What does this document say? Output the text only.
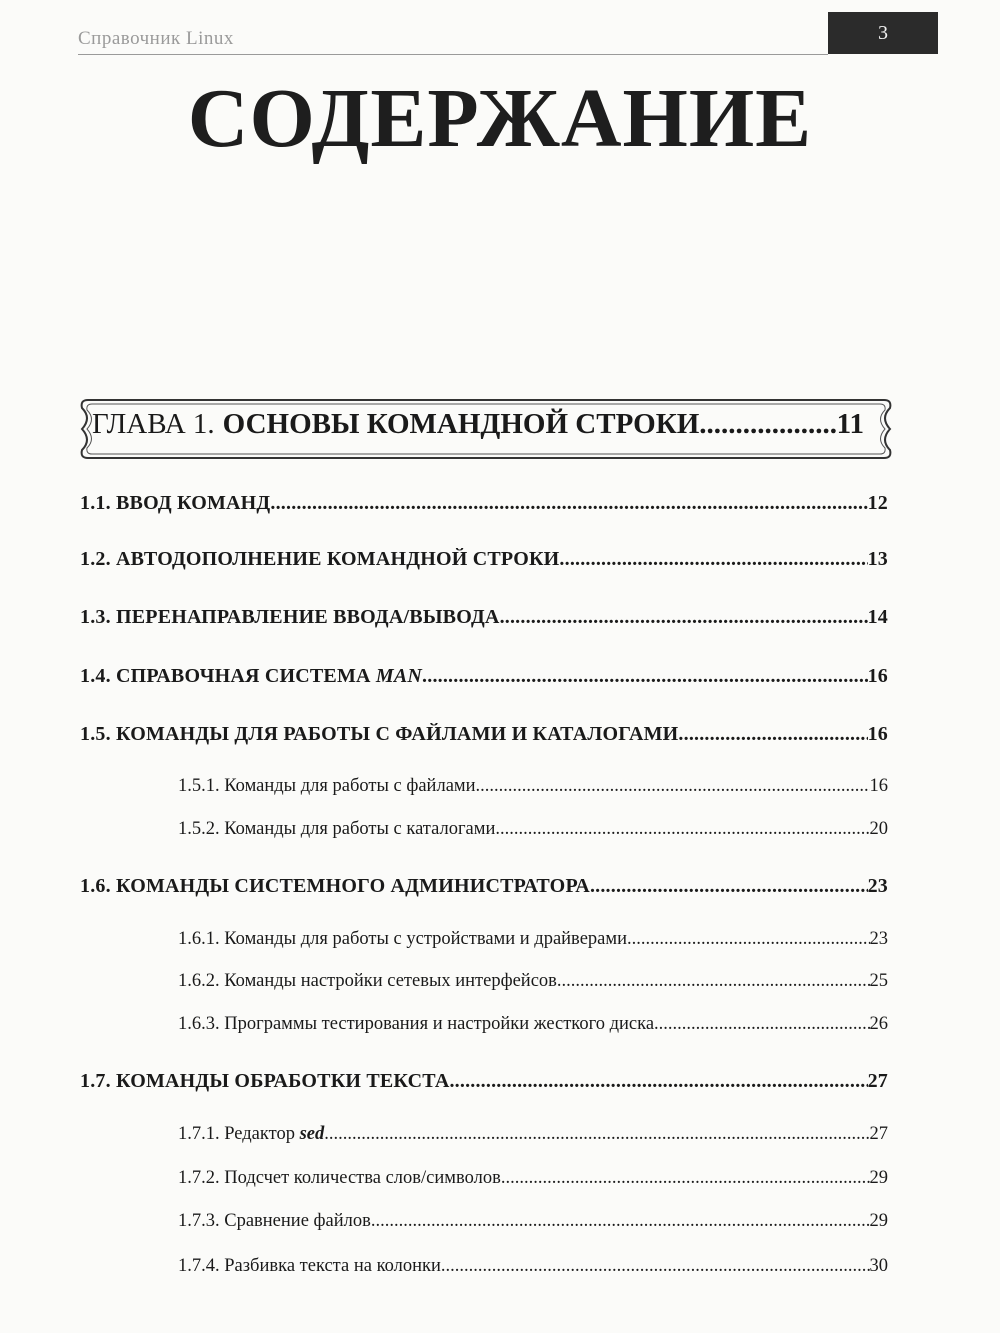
Справочник Linux	3
СОДЕРЖАНИЕ
ГЛАВА 1. ОСНОВЫ КОМАНДНОЙ СТРОКИ .....	11
1.1. ВВОД КОМАНД .....	12
1.2. АВТОДОПОЛНЕНИЕ КОМАНДНОЙ СТРОКИ .....	13
1.3. ПЕРЕНАПРАВЛЕНИЕ ВВОДА/ВЫВОДА .....	14
1.4. СПРАВОЧНАЯ СИСТЕМА MAN .....	16
1.5. КОМАНДЫ ДЛЯ РАБОТЫ С ФАЙЛАМИ И КАТАЛОГАМИ .....	16
1.5.1. Команды для работы с файлами .....	16
1.5.2. Команды для работы с каталогами .....	20
1.6. КОМАНДЫ СИСТЕМНОГО АДМИНИСТРАТОРА .....	23
1.6.1. Команды для работы с устройствами и драйверами .....	23
1.6.2. Команды настройки сетевых интерфейсов .....	25
1.6.3. Программы тестирования и настройки жесткого диска .....	26
1.7. КОМАНДЫ ОБРАБОТКИ ТЕКСТА .....	27
1.7.1. Редактор sed .....	27
1.7.2. Подсчет количества слов/символов .....	29
1.7.3. Сравнение файлов .....	29
1.7.4. Разбивка текста на колонки .....	30
